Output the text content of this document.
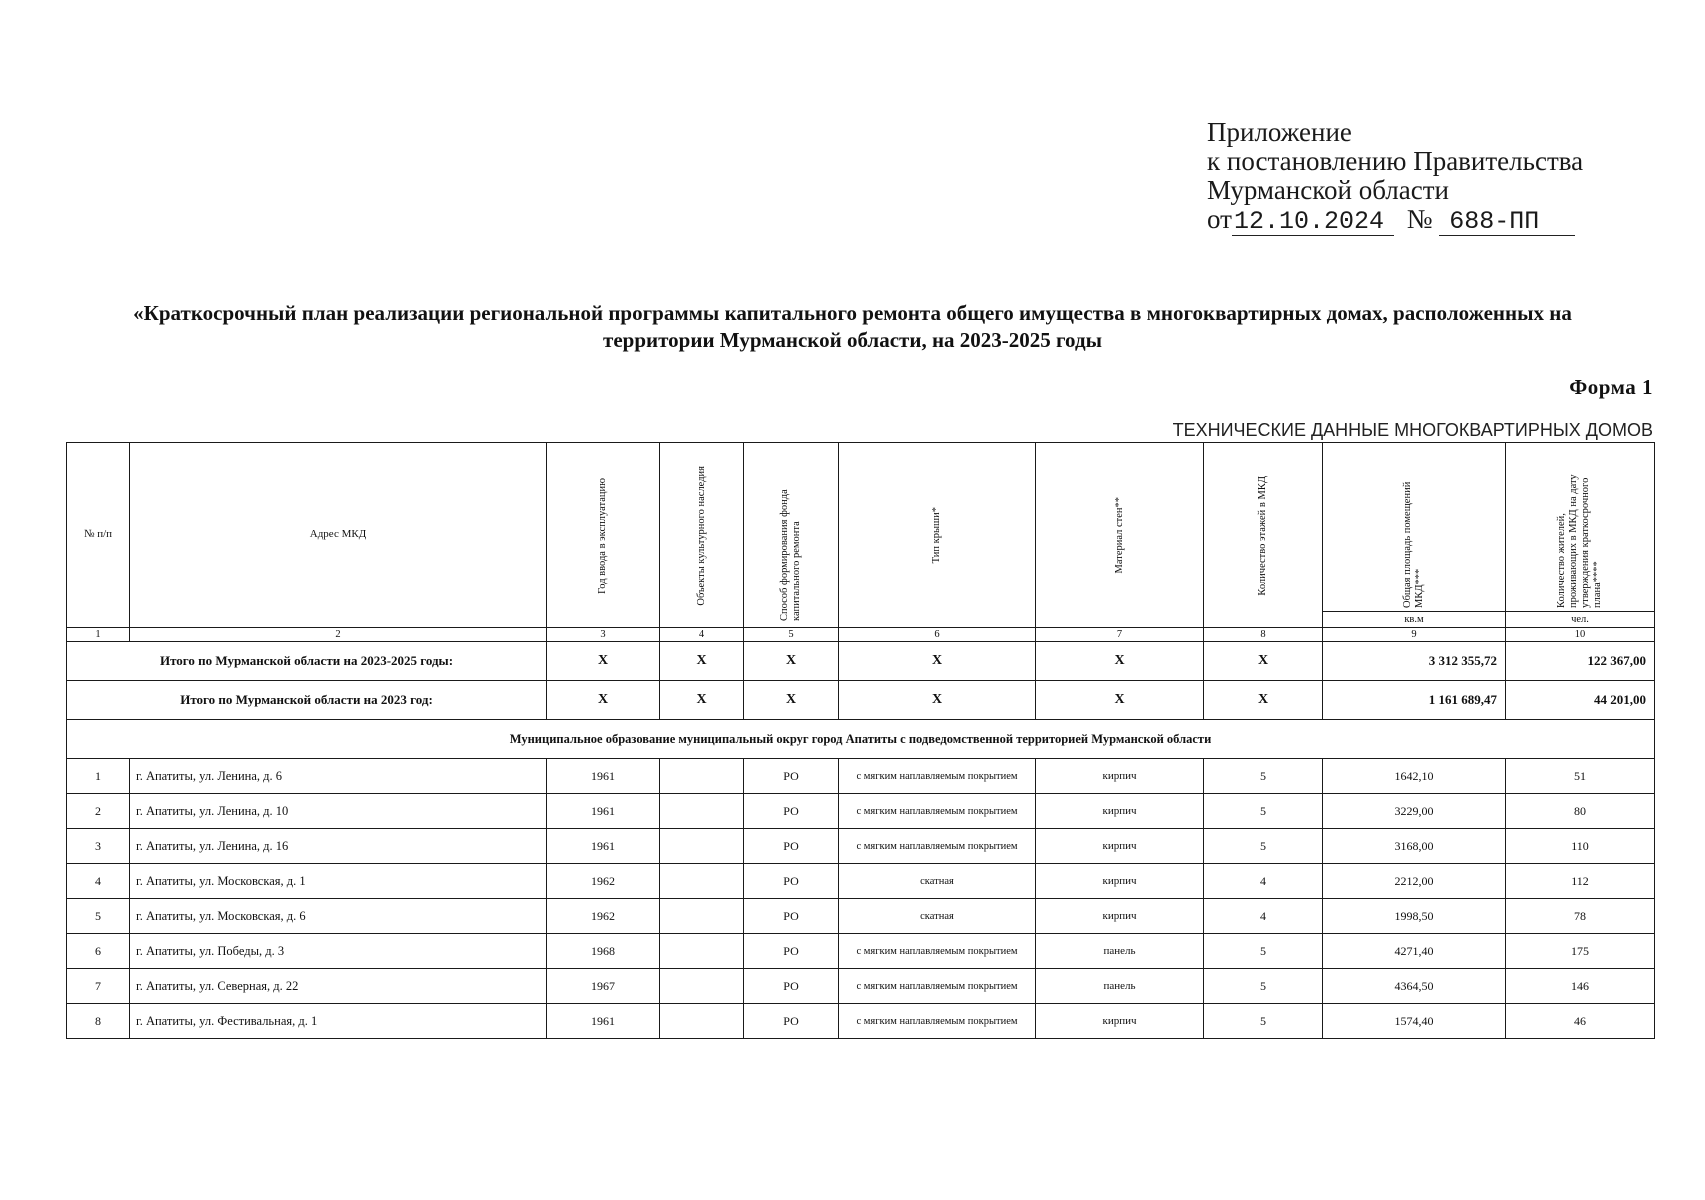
Приложение
к постановлению Правительства
Мурманской области
от12.10.2024 № 688-ПП
«Краткосрочный план реализации региональной программы капитального ремонта общего имущества в многоквартирных домах, расположенных на
территории Мурманской области, на 2023-2025 годы
Форма 1
ТЕХНИЧЕСКИЕ ДАННЫЕ МНОГОКВАРТИРНЫХ ДОМОВ
№ п/п	Адрес МКД	Год ввода в эксплуатацию	Объекты культурного наследия	Способ формирования фонда капитального ремонта	Тип крыши*	Материал стен**	Количество этажей в МКД	Общая площадь помещений МКД***	Количество жителей, проживающих в МКД на дату утверждения краткосрочного плана****
								кв.м	чел.
1	2	3	4	5	6	7	8	9	10
Итого по Мурманской области на 2023-2025 годы:		X	X	X	X	X	X	3 312 355,72	122 367,00
Итого по Мурманской области на 2023 год:		X	X	X	X	X	X	1 161 689,47	44 201,00
Муниципальное образование муниципальный округ город Апатиты с подведомственной территорией Мурманской области									
1	г. Апатиты, ул. Ленина, д. 6	1961		РО	с мягким наплавляемым покрытием	кирпич	5	1642,10	51
2	г. Апатиты, ул. Ленина, д. 10	1961		РО	с мягким наплавляемым покрытием	кирпич	5	3229,00	80
3	г. Апатиты, ул. Ленина, д. 16	1961		РО	с мягким наплавляемым покрытием	кирпич	5	3168,00	110
4	г. Апатиты, ул. Московская, д. 1	1962		РО	скатная	кирпич	4	2212,00	112
5	г. Апатиты, ул. Московская, д. 6	1962		РО	скатная	кирпич	4	1998,50	78
6	г. Апатиты, ул. Победы, д. 3	1968		РО	с мягким наплавляемым покрытием	панель	5	4271,40	175
7	г. Апатиты, ул. Северная, д. 22	1967		РО	с мягким наплавляемым покрытием	панель	5	4364,50	146
8	г. Апатиты, ул. Фестивальная, д. 1	1961		РО	с мягким наплавляемым покрытием	кирпич	5	1574,40	46
